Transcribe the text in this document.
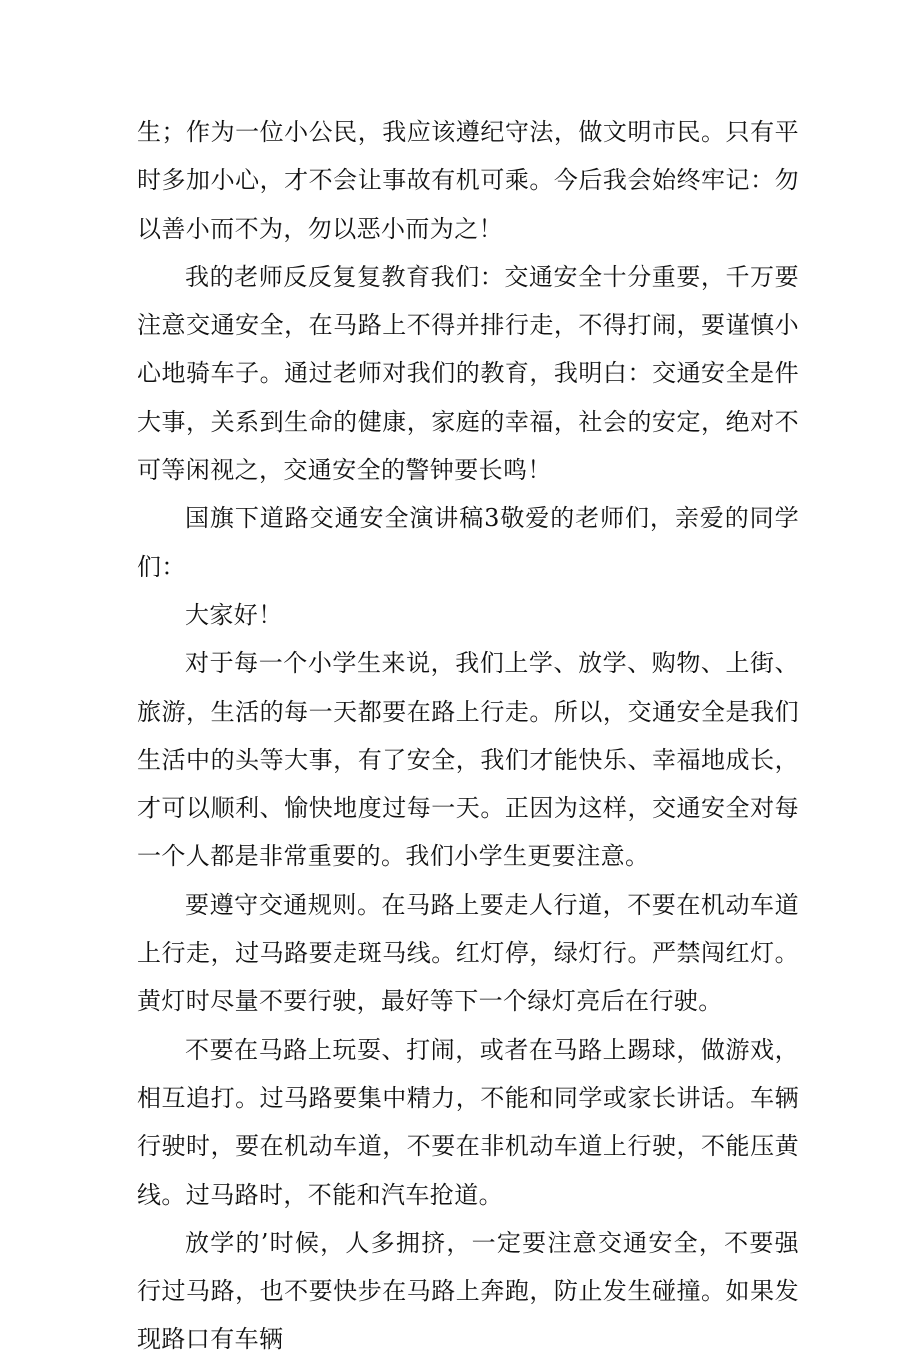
生；作为一位小公民，我应该遵纪守法，做文明市民。只有平时多加小心，才不会让事故有机可乘。今后我会始终牢记：勿以善小而不为，勿以恶小而为之！

我的老师反反复复教育我们：交通安全十分重要，千万要注意交通安全，在马路上不得并排行走，不得打闹，要谨慎小心地骑车子。通过老师对我们的教育，我明白：交通安全是件大事，关系到生命的健康，家庭的幸福，社会的安定，绝对不可等闲视之，交通安全的警钟要长鸣！

国旗下道路交通安全演讲稿3敬爱的老师们，亲爱的同学们：

大家好！

对于每一个小学生来说，我们上学、放学、购物、上街、旅游，生活的每一天都要在路上行走。所以，交通安全是我们生活中的头等大事，有了安全，我们才能快乐、幸福地成长，才可以顺利、愉快地度过每一天。正因为这样，交通安全对每一个人都是非常重要的。我们小学生更要注意。

要遵守交通规则。在马路上要走人行道，不要在机动车道上行走，过马路要走斑马线。红灯停，绿灯行。严禁闯红灯。黄灯时尽量不要行驶，最好等下一个绿灯亮后在行驶。

不要在马路上玩耍、打闹，或者在马路上踢球，做游戏，相互追打。过马路要集中精力，不能和同学或家长讲话。车辆行驶时，要在机动车道，不要在非机动车道上行驶，不能压黄线。过马路时，不能和汽车抢道。

放学的’时候，人多拥挤，一定要注意交通安全，不要强行过马路，也不要快步在马路上奔跑，防止发生碰撞。如果发现路口有车辆
